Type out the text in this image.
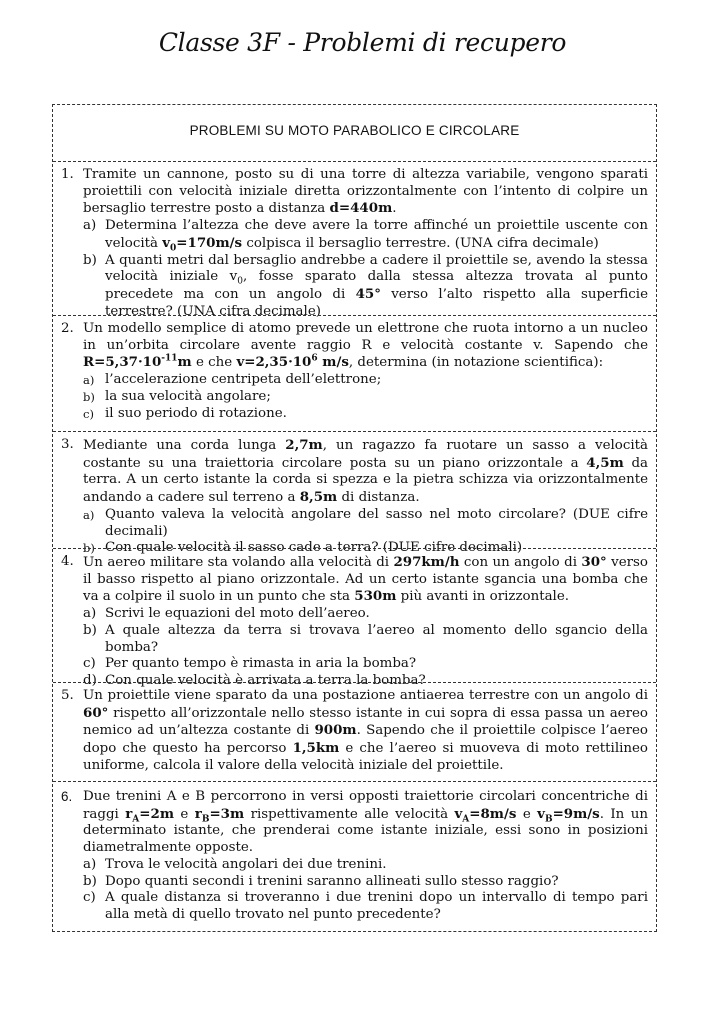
Classe 3F - Problemi di recupero
PROBLEMI SU MOTO PARABOLICO E CIRCOLARE
1. Tramite un cannone, posto su di una torre di altezza variabile, vengono sparati proiettili con velocità iniziale diretta orizzontalmente con l’intento di colpire un bersaglio terrestre posto a distanza d=440m.
a) Determina l’altezza che deve avere la torre affinché un proiettile uscente con velocità $v_0=170m/s$ colpisca il bersaglio terrestre. (UNA cifra decimale)
b) A quanti metri dal bersaglio andrebbe a cadere il proiettile se, avendo la stessa velocità iniziale $v_0$, fosse sparato dalla stessa altezza trovata al punto precedete ma con un angolo di 45° verso l’alto rispetto alla superficie terrestre? (UNA cifra decimale)
2. Un modello semplice di atomo prevede un elettrone che ruota intorno a un nucleo in un’orbita circolare avente raggio R e velocità costante v. Sapendo che $R=5,37\cdot 10^{-11}m$ e che $v=2,35\cdot 10^6$ m/s, determina (in notazione scientifica):
a) l’accelerazione centripeta dell’elettrone;
b) la sua velocità angolare;
c) il suo periodo di rotazione.
3. Mediante una corda lunga 2,7m, un ragazzo fa ruotare un sasso a velocità costante su una traiettoria circolare posta su un piano orizzontale a 4,5m da terra. A un certo istante la corda si spezza e la pietra schizza via orizzontalmente andando a cadere sul terreno a 8,5m di distanza.
a) Quanto valeva la velocità angolare del sasso nel moto circolare? (DUE cifre decimali)
b) Con quale velocità il sasso cade a terra? (DUE cifre decimali)
4. Un aereo militare sta volando alla velocità di 297km/h con un angolo di 30° verso il basso rispetto al piano orizzontale. Ad un certo istante sgancia una bomba che va a colpire il suolo in un punto che sta 530m più avanti in orizzontale.
a) Scrivi le equazioni del moto dell’aereo.
b) A quale altezza da terra si trovava l’aereo al momento dello sgancio della bomba?
c) Per quanto tempo è rimasta in aria la bomba?
d) Con quale velocità è arrivata a terra la bomba?
5. Un proiettile viene sparato da una postazione antiaerea terrestre con un angolo di 60° rispetto all’orizzontale nello stesso istante in cui sopra di essa passa un aereo nemico ad un’altezza costante di 900m. Sapendo che il proiettile colpisce l’aereo dopo che questo ha percorso 1,5km e che l’aereo si muoveva di moto rettilineo uniforme, calcola il valore della velocità iniziale del proiettile.
6. Due trenini A e B percorrono in versi opposti traiettorie circolari concentriche di raggi $r_A=2m$ e $r_B=3m$ rispettivamente alle velocità $v_A=8m/s$ e $v_B=9m/s$. In un determinato istante, che prenderai come istante iniziale, essi sono in posizioni diametralmente opposte.
a) Trova le velocità angolari dei due trenini.
b) Dopo quanti secondi i trenini saranno allineati sullo stesso raggio?
c) A quale distanza si troveranno i due trenini dopo un intervallo di tempo pari alla metà di quello trovato nel punto precedente?
